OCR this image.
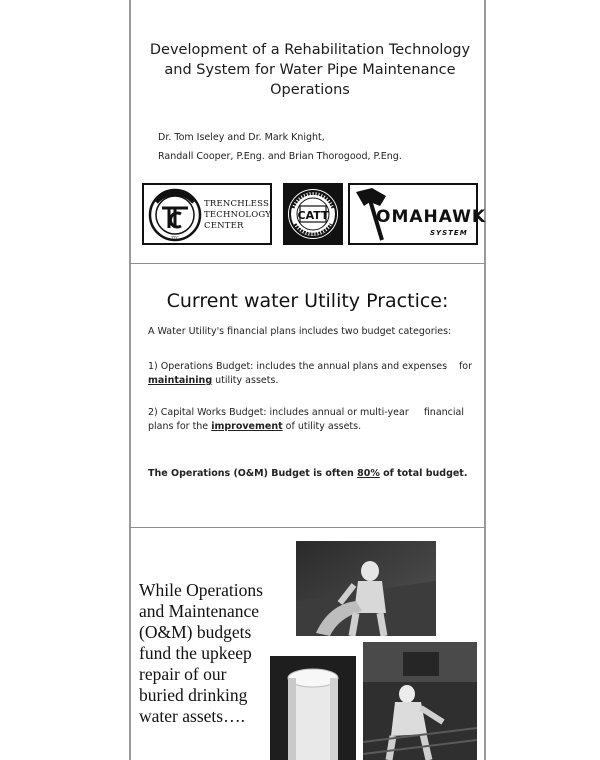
Development of a Rehabilitation Technology
and System for Water Pipe Maintenance
Operations
Dr. Tom Iseley and Dr. Mark Knight,
Randall Cooper, P.Eng. and Brian Thorogood, P.Eng.
TTC
TRENCHLESS
TECHNOLOGY
CENTER
CATT	OMAHAWK
SYSTEM
Current water Utility Practice:
A Water Utility's financial plans includes two budget categories:
1) Operations Budget: includes the annual plans and expenses for
maintaining utility assets.
2) Capital Works Budget: includes annual or multi-year financial
plans for the improvement of utility assets.
The Operations (O&M) Budget is often 80% of total budget.
While Operations
and Maintenance
(O&M) budgets
fund the upkeep
repair of our
buried drinking
water assets….
